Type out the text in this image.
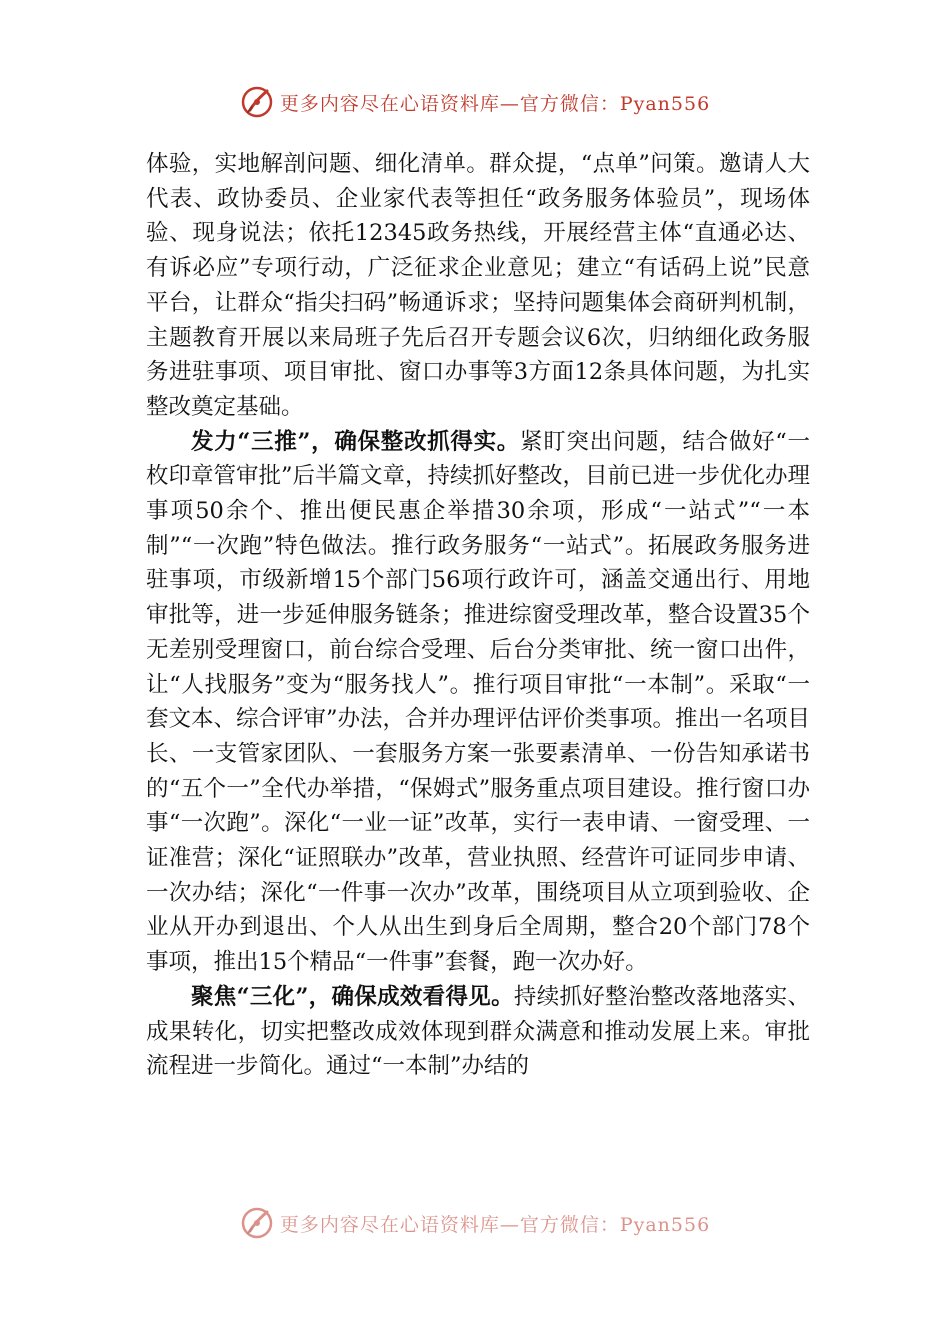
更多内容尽在心语资料库—官方微信：Pyan556

体验，实地解剖问题、细化清单。群众提，“点单”问策。邀请人大代表、政协委员、企业家代表等担任“政务服务体验员”，现场体验、现身说法；依托12345政务热线，开展经营主体“直通必达、有诉必应”专项行动，广泛征求企业意见；建立“有话码上说”民意平台，让群众“指尖扫码”畅通诉求；坚持问题集体会商研判机制，主题教育开展以来局班子先后召开专题会议6次，归纳细化政务服务进驻事项、项目审批、窗口办事等3方面12条具体问题，为扎实整改奠定基础。

发力“三推”，确保整改抓得实。紧盯突出问题，结合做好“一枚印章管审批”后半篇文章，持续抓好整改，目前已进一步优化办理事项50余个、推出便民惠企举措30余项，形成“一站式”“一本制”“一次跑”特色做法。推行政务服务“一站式”。拓展政务服务进驻事项，市级新增15个部门56项行政许可，涵盖交通出行、用地审批等，进一步延伸服务链条；推进综窗受理改革，整合设置35个无差别受理窗口，前台综合受理、后台分类审批、统一窗口出件，让“人找服务”变为“服务找人”。推行项目审批“一本制”。采取“一套文本、综合评审”办法，合并办理评估评价类事项。推出一名项目长、一支管家团队、一套服务方案一张要素清单、一份告知承诺书的“五个一”全代办举措，“保姆式”服务重点项目建设。推行窗口办事“一次跑”。深化“一业一证”改革，实行一表申请、一窗受理、一证准营；深化“证照联办”改革，营业执照、经营许可证同步申请、一次办结；深化“一件事一次办”改革，围绕项目从立项到验收、企业从开办到退出、个人从出生到身后全周期，整合20个部门78个事项，推出15个精品“一件事”套餐，跑一次办好。

聚焦“三化”，确保成效看得见。持续抓好整治整改落地落实、成果转化，切实把整改成效体现到群众满意和推动发展上来。审批流程进一步简化。通过“一本制”办结的

更多内容尽在心语资料库—官方微信：Pyan556
